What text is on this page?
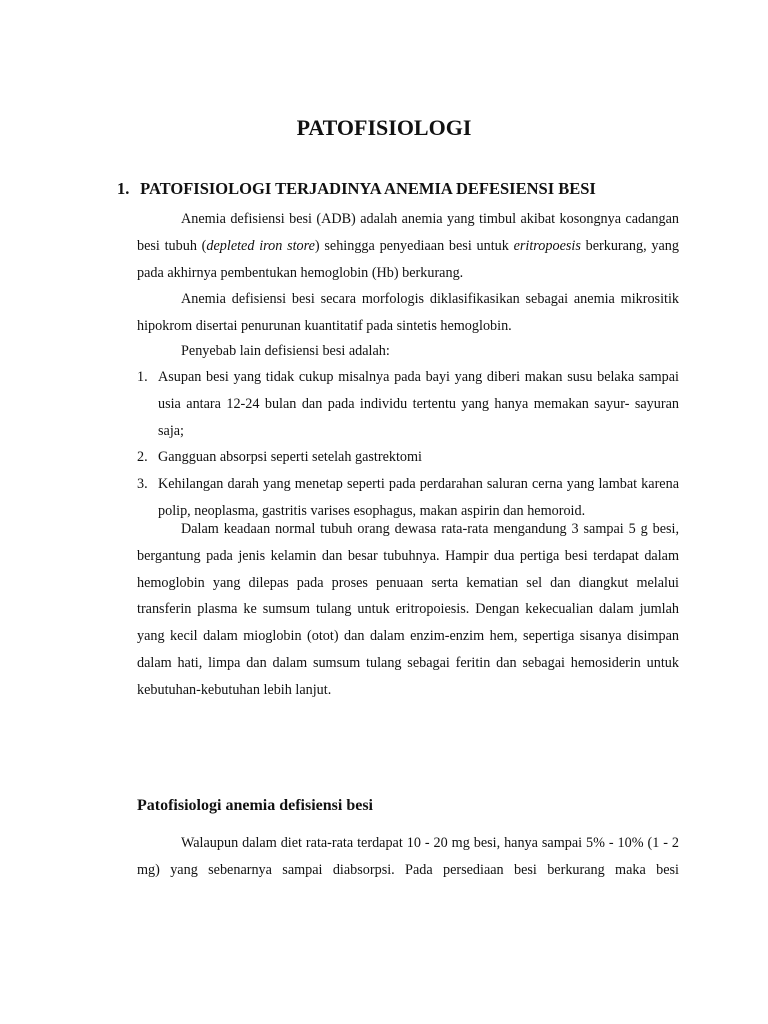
PATOFISIOLOGI
1. PATOFISIOLOGI TERJADINYA ANEMIA DEFESIENSI BESI

Anemia defisiensi besi (ADB) adalah anemia yang timbul akibat kosongnya cadangan besi tubuh (depleted iron store) sehingga penyediaan besi untuk eritropoesis berkurang, yang pada akhirnya pembentukan hemoglobin (Hb) berkurang.

Anemia defisiensi besi secara morfologis diklasifikasikan sebagai anemia mikrositik hipokrom disertai penurunan kuantitatif pada sintetis hemoglobin.

Penyebab lain defisiensi besi adalah:

1. Asupan besi yang tidak cukup misalnya pada bayi yang diberi makan susu belaka sampai usia antara 12-24 bulan dan pada individu tertentu yang hanya memakan sayur- sayuran saja;
2. Gangguan absorpsi seperti setelah gastrektomi
3. Kehilangan darah yang menetap seperti pada perdarahan saluran cerna yang lambat karena polip, neoplasma, gastritis varises esophagus, makan aspirin dan hemoroid.

Dalam keadaan normal tubuh orang dewasa rata-rata mengandung 3 sampai 5 g besi, bergantung pada jenis kelamin dan besar tubuhnya. Hampir dua pertiga besi terdapat dalam hemoglobin yang dilepas pada proses penuaan serta kematian sel dan diangkut melalui transferin plasma ke sumsum tulang untuk eritropoiesis. Dengan kekecualian dalam jumlah yang kecil dalam mioglobin (otot) dan dalam enzim-enzim hem, sepertiga sisanya disimpan dalam hati, limpa dan dalam sumsum tulang sebagai feritin dan sebagai hemosiderin untuk kebutuhan-kebutuhan lebih lanjut.

Patofisiologi anemia defisiensi besi

Walaupun dalam diet rata-rata terdapat 10 - 20 mg besi, hanya sampai 5% - 10% (1 - 2 mg) yang sebenarnya sampai diabsorpsi. Pada persediaan besi berkurang maka besi
